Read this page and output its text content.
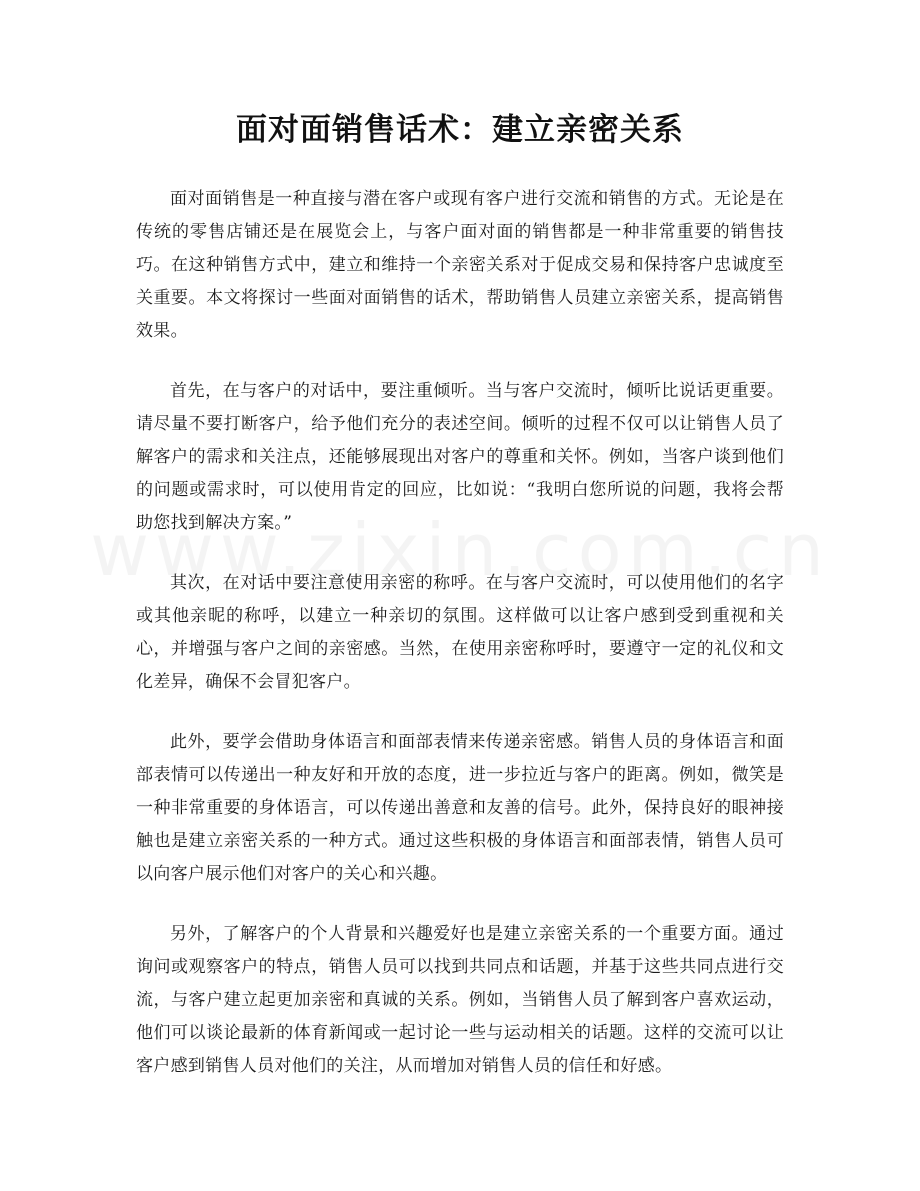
面对面销售话术：建立亲密关系

面对面销售是一种直接与潜在客户或现有客户进行交流和销售的方式。无论是在传统的零售店铺还是在展览会上，与客户面对面的销售都是一种非常重要的销售技巧。在这种销售方式中，建立和维持一个亲密关系对于促成交易和保持客户忠诚度至关重要。本文将探讨一些面对面销售的话术，帮助销售人员建立亲密关系，提高销售效果。

首先，在与客户的对话中，要注重倾听。当与客户交流时，倾听比说话更重要。请尽量不要打断客户，给予他们充分的表述空间。倾听的过程不仅可以让销售人员了解客户的需求和关注点，还能够展现出对客户的尊重和关怀。例如，当客户谈到他们的问题或需求时，可以使用肯定的回应，比如说：“我明白您所说的问题，我将会帮助您找到解决方案。”

其次，在对话中要注意使用亲密的称呼。在与客户交流时，可以使用他们的名字或其他亲昵的称呼，以建立一种亲切的氛围。这样做可以让客户感到受到重视和关心，并增强与客户之间的亲密感。当然，在使用亲密称呼时，要遵守一定的礼仪和文化差异，确保不会冒犯客户。

此外，要学会借助身体语言和面部表情来传递亲密感。销售人员的身体语言和面部表情可以传递出一种友好和开放的态度，进一步拉近与客户的距离。例如，微笑是一种非常重要的身体语言，可以传递出善意和友善的信号。此外，保持良好的眼神接触也是建立亲密关系的一种方式。通过这些积极的身体语言和面部表情，销售人员可以向客户展示他们对客户的关心和兴趣。

另外，了解客户的个人背景和兴趣爱好也是建立亲密关系的一个重要方面。通过询问或观察客户的特点，销售人员可以找到共同点和话题，并基于这些共同点进行交流，与客户建立起更加亲密和真诚的关系。例如，当销售人员了解到客户喜欢运动，他们可以谈论最新的体育新闻或一起讨论一些与运动相关的话题。这样的交流可以让客户感到销售人员对他们的关注，从而增加对销售人员的信任和好感。
